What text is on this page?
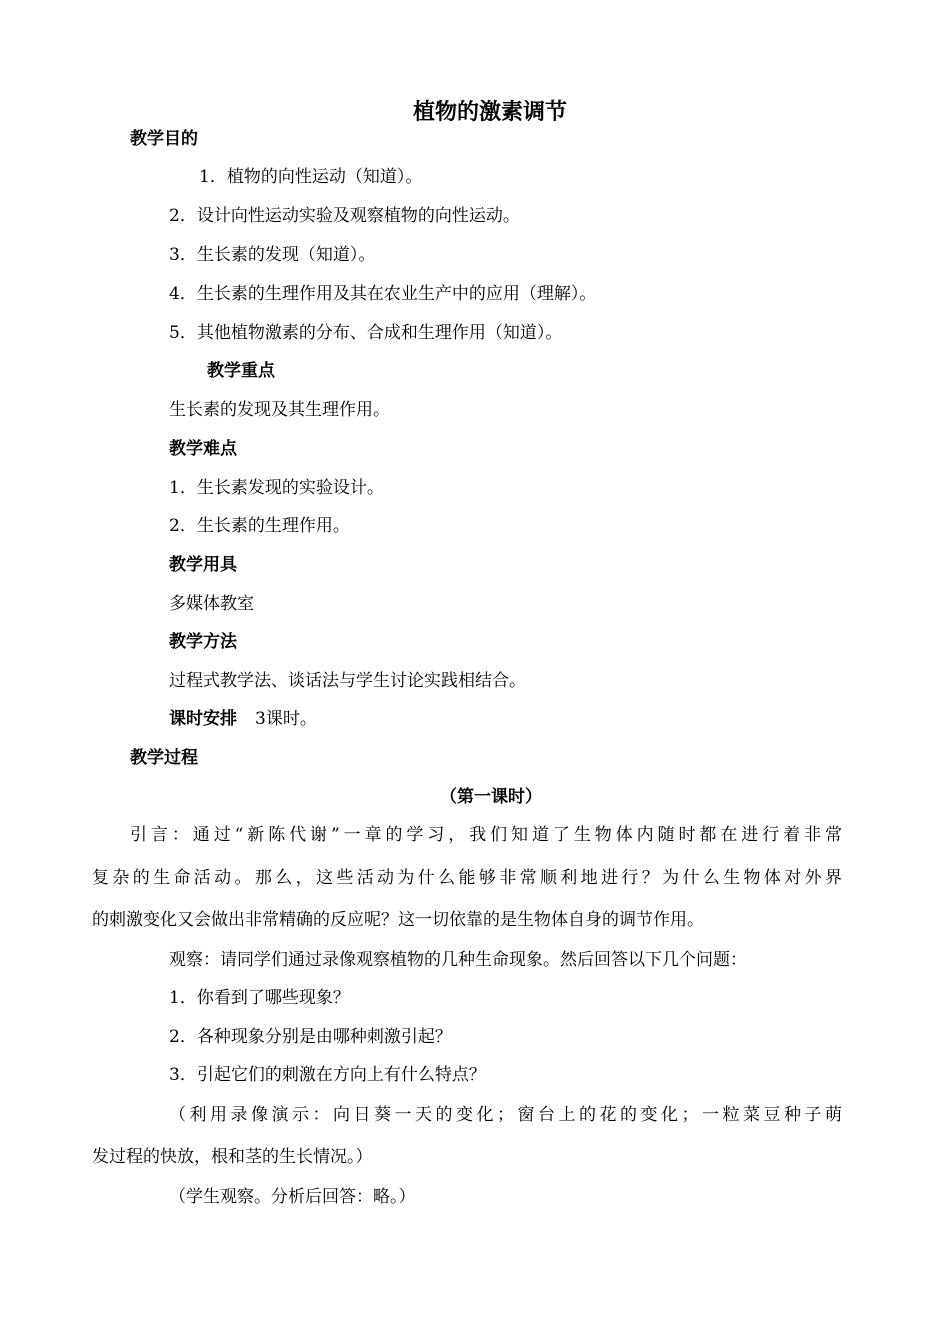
植物的激素调节
教学目的
1．植物的向性运动（知道）。
2．设计向性运动实验及观察植物的向性运动。
3．生长素的发现（知道）。
4．生长素的生理作用及其在农业生产中的应用（理解）。
5．其他植物激素的分布、合成和生理作用（知道）。
教学重点
生长素的发现及其生理作用。
教学难点
1．生长素发现的实验设计。
2．生长素的生理作用。
教学用具
多媒体教室
教学方法
过程式教学法、谈话法与学生讨论实践相结合。
课时安排 3课时。
教学过程
（第一课时）
引言：通过“新陈代谢”一章的学习，我们知道了生物体内随时都在进行着非常
复杂的生命活动。那么，这些活动为什么能够非常顺利地进行？为什么生物体对外界
的刺激变化又会做出非常精确的反应呢？这一切依靠的是生物体自身的调节作用。
观察：请同学们通过录像观察植物的几种生命现象。然后回答以下几个问题：
1．你看到了哪些现象？
2．各种现象分别是由哪种刺激引起？
3．引起它们的刺激在方向上有什么特点？
（利用录像演示：向日葵一天的变化；窗台上的花的变化；一粒菜豆种子萌
发过程的快放，根和茎的生长情况。）
（学生观察。分析后回答：略。）
